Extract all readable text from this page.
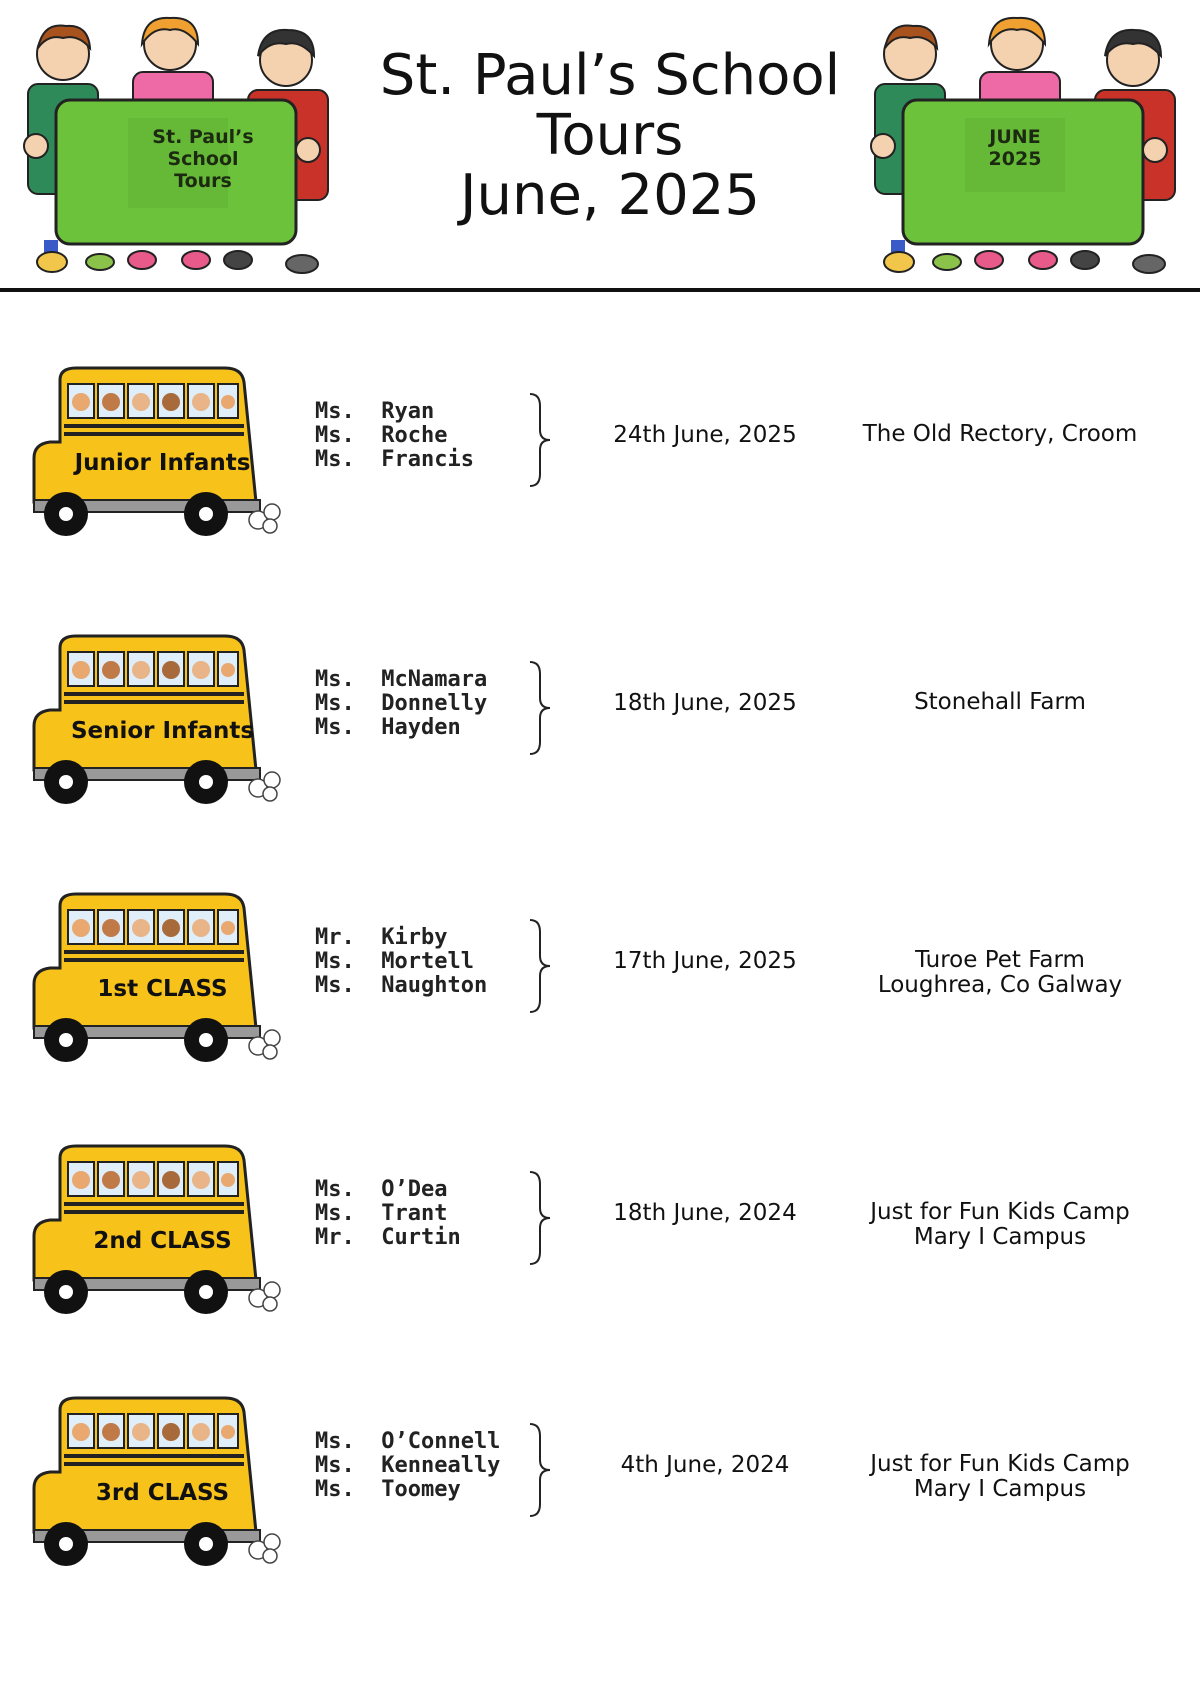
St. Paul’s School
Tours
St. Paul’s School
Tours
June, 2025
JUNE
2025
Junior Infants
Ms.  Ryan
Ms.  Roche
Ms.  Francis
24th June, 2025	The Old Rectory, Croom
Senior Infants
Ms.  McNamara
Ms.  Donnelly
Ms.  Hayden
18th June, 2025	Stonehall Farm
1st CLASS
Mr.  Kirby
Ms.  Mortell
Ms.  Naughton
17th June, 2025	Turoe Pet Farm
Loughrea, Co Galway
2nd CLASS
Ms.  O’Dea
Ms.  Trant
Mr.  Curtin
18th June, 2024	Just for Fun Kids Camp
Mary I Campus
3rd CLASS
Ms.  O’Connell
Ms.  Kenneally
Ms.  Toomey
4th June, 2024	Just for Fun Kids Camp
Mary I Campus
